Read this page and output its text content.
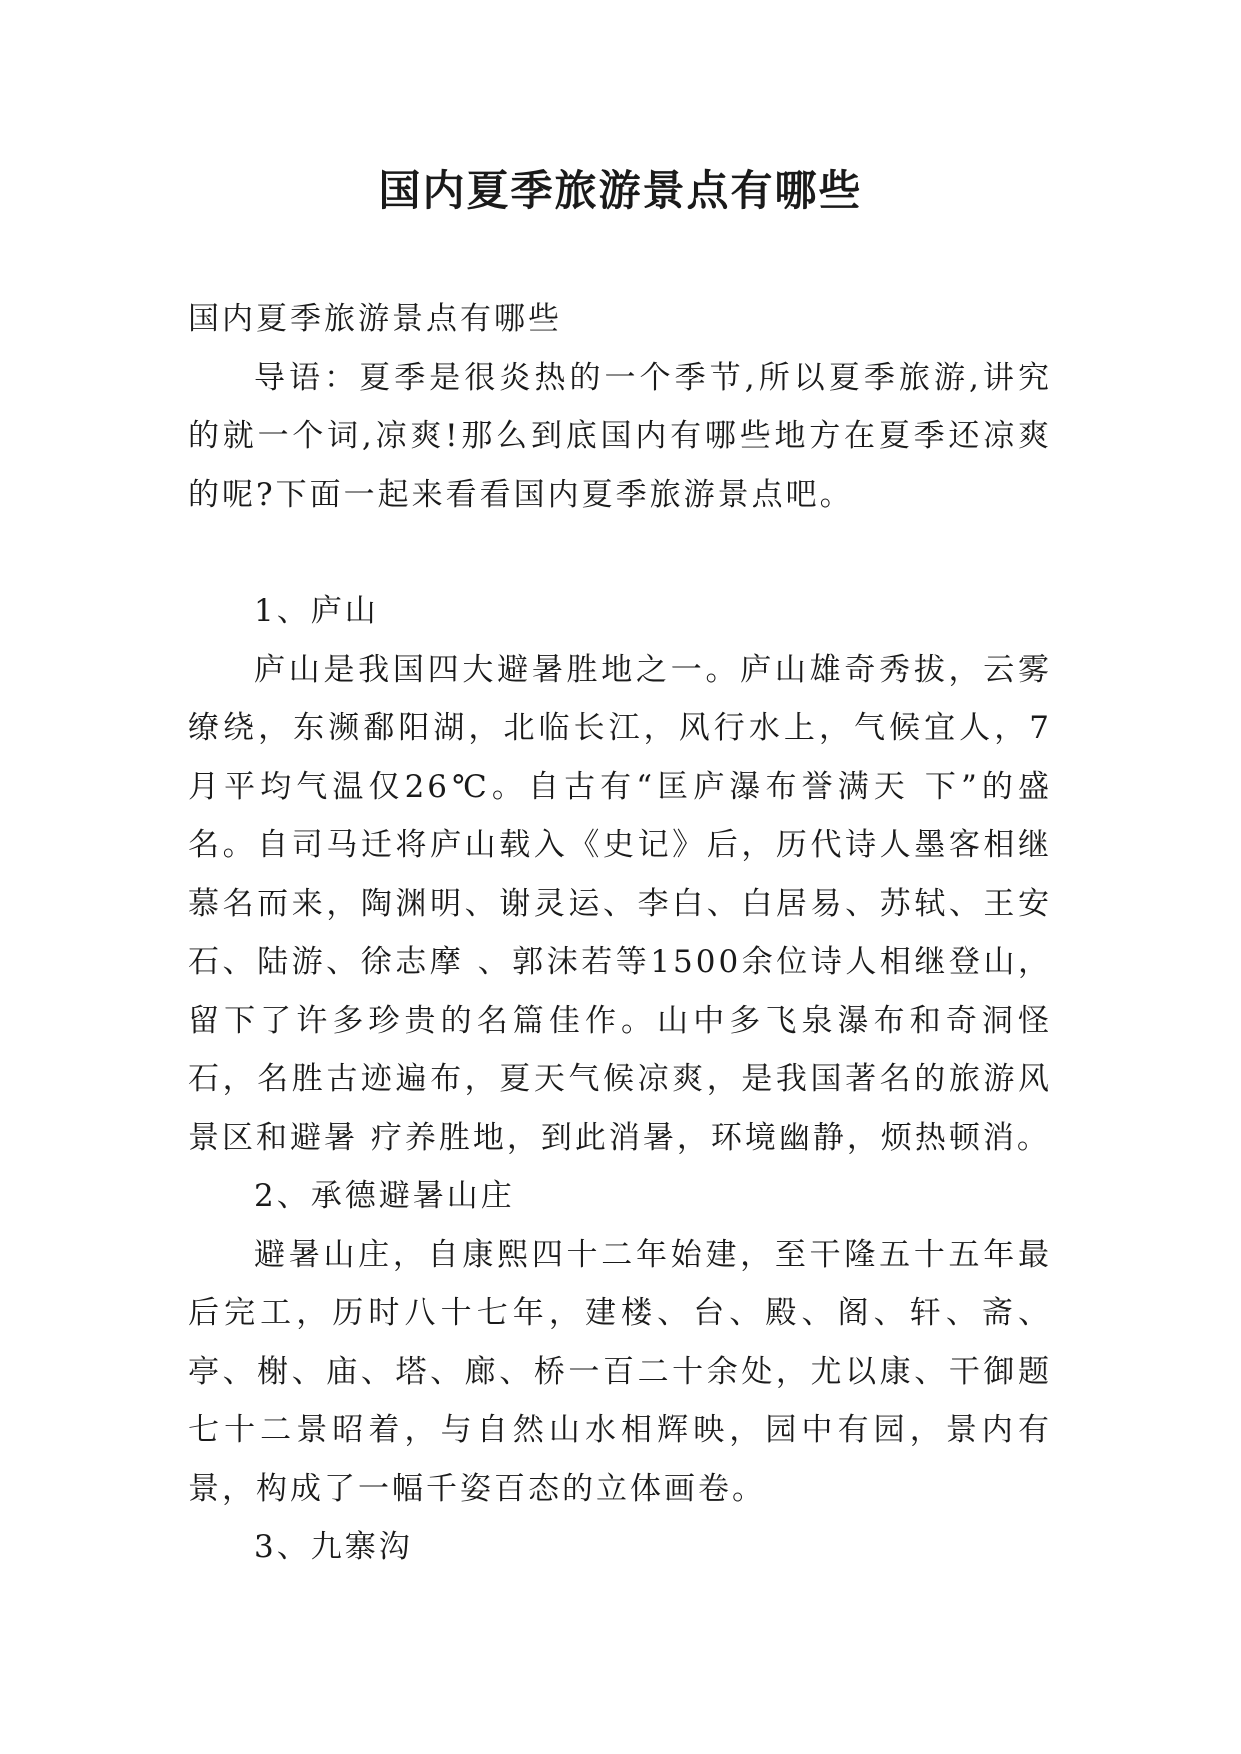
国内夏季旅游景点有哪些

国内夏季旅游景点有哪些

导语：夏季是很炎热的一个季节,所以夏季旅游,讲究的就一个词,凉爽!那么到底国内有哪些地方在夏季还凉爽的呢?下面一起来看看国内夏季旅游景点吧。

1、庐山

庐山是我国四大避暑胜地之一。庐山雄奇秀拔，云雾缭绕，东濒鄱阳湖，北临长江，风行水上，气候宜人，7月平均气温仅26℃。自古有“匡庐瀑布誉满天 下”的盛名。自司马迁将庐山载入《史记》后，历代诗人墨客相继慕名而来，陶渊明、谢灵运、李白、白居易、苏轼、王安石、陆游、徐志摩 、郭沫若等1500余位诗人相继登山，留下了许多珍贵的名篇佳作。山中多飞泉瀑布和奇洞怪石，名胜古迹遍布，夏天气候凉爽，是我国著名的旅游风景区和避暑 疗养胜地，到此消暑，环境幽静，烦热顿消。

2、承德避暑山庄

避暑山庄，自康熙四十二年始建，至干隆五十五年最后完工，历时八十七年，建楼、台、殿、阁、轩、斋、亭、榭、庙、塔、廊、桥一百二十余处，尤以康、干御题七十二景昭着，与自然山水相辉映，园中有园，景内有景，构成了一幅千姿百态的立体画卷。

3、九寨沟
